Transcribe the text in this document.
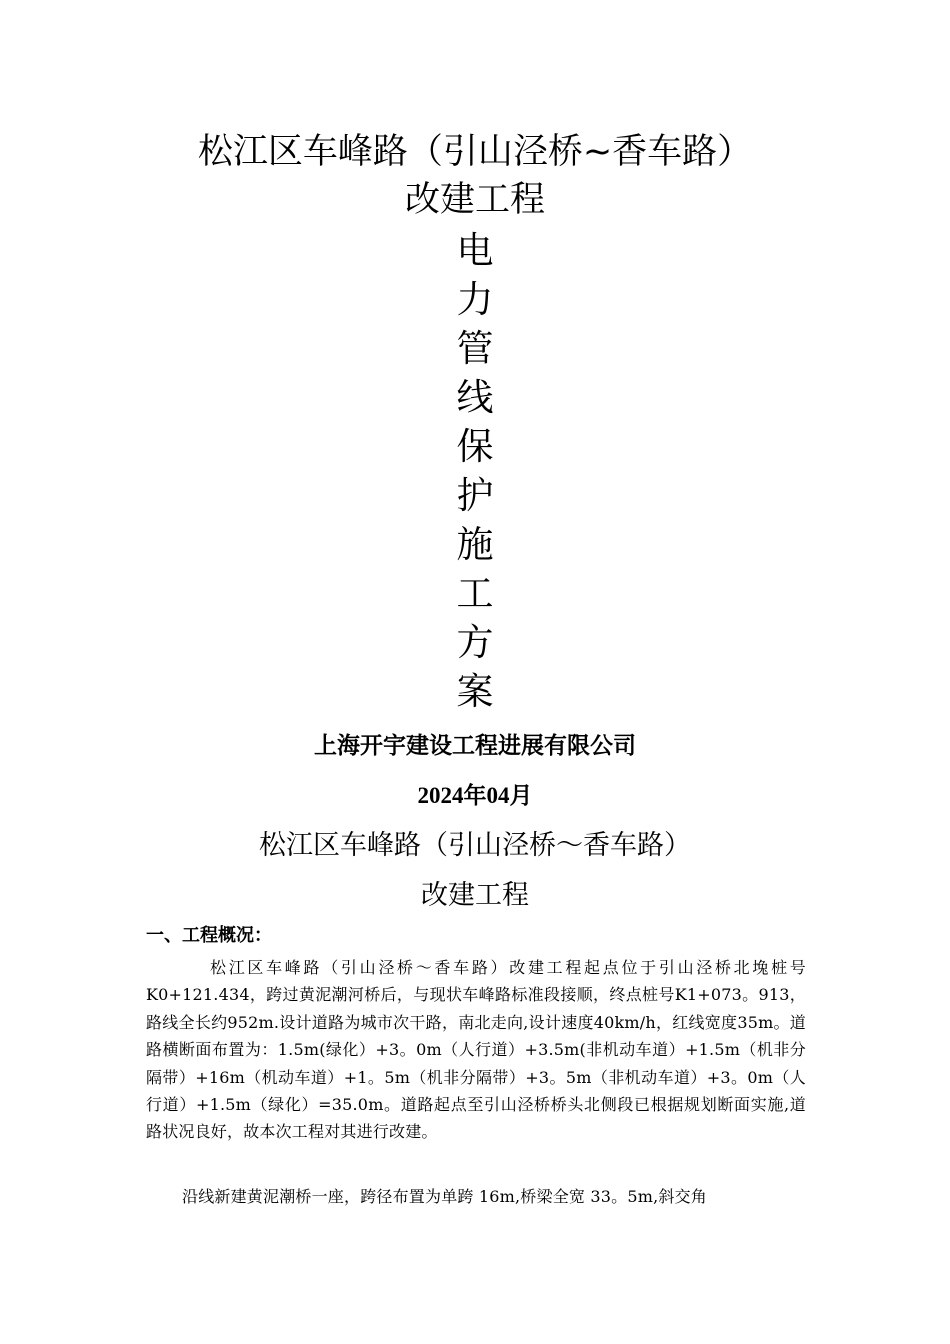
松江区车峰路（引山泾桥~香车路）
改建工程
电
力
管
线
保
护
施
工
方
案
上海开宇建设工程进展有限公司
2024年04月
松江区车峰路（引山泾桥～香车路）
改建工程
一、工程概况：
松江区车峰路（引山泾桥～香车路）改建工程起点位于引山泾桥北堍桩号 K0+121.434，跨过黄泥潮河桥后，与现状车峰路标准段接顺，终点桩号K1+073。913，路线全长约952m.设计道路为城市次干路，南北走向,设计速度40km/h，红线宽度35m。道路横断面布置为：1.5m(绿化）+3。0m（人行道）+3.5m(非机动车道）+1.5m（机非分隔带）+16m（机动车道）+1。5m（机非分隔带）+3。5m（非机动车道）+3。0m（人行道）+1.5m（绿化）=35.0m。道路起点至引山泾桥桥头北侧段已根据规划断面实施,道路状况良好，故本次工程对其进行改建。
沿线新建黄泥潮桥一座，跨径布置为单跨 16m,桥梁全宽 33。5m,斜交角
